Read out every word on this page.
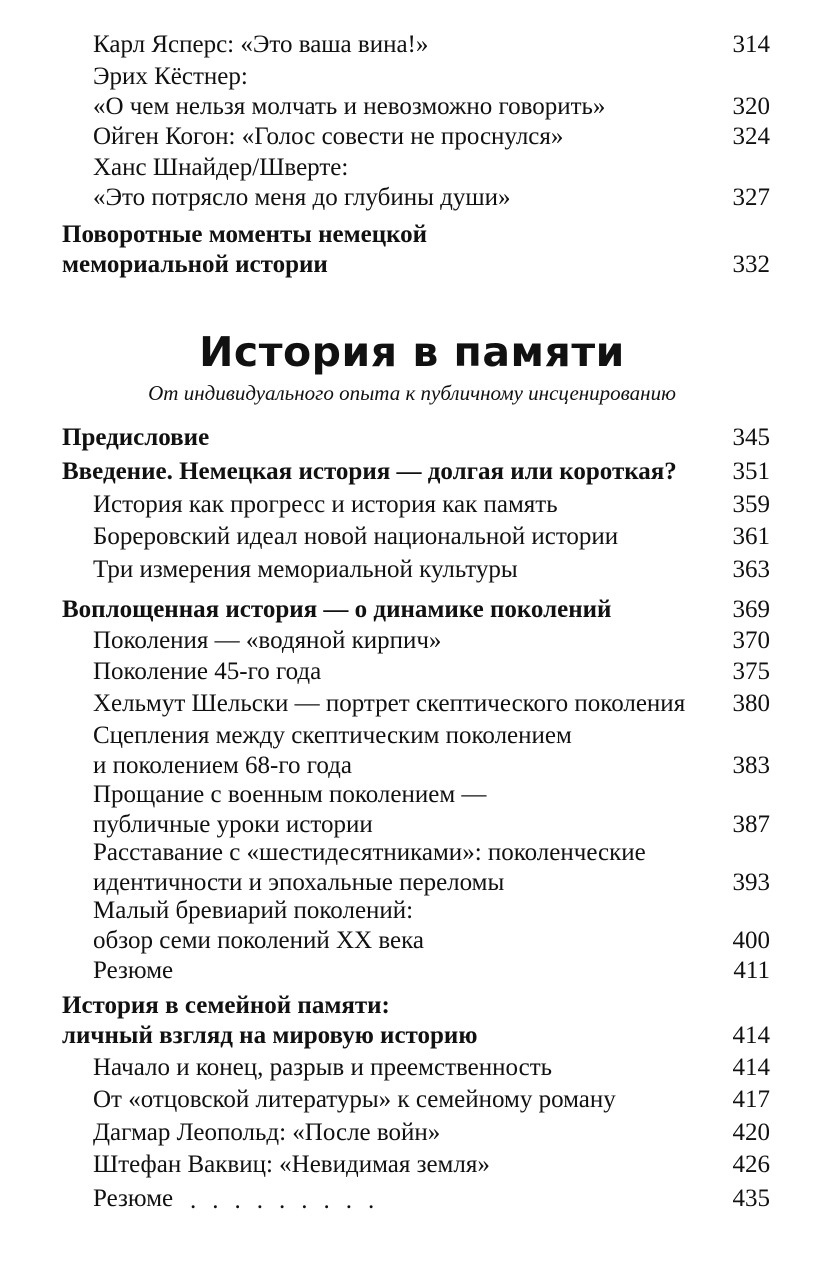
Карл Ясперс: «Это ваша вина!»	314
Эрих Кёстнер:
«О чем нельзя молчать и невозможно говорить»	320
Ойген Когон: «Голос совести не проснулся»	324
Ханс Шнайдер/Шверте:
«Это потрясло меня до глубины души»	327
Поворотные моменты немецкой
мемориальной истории	332
История в памяти
От индивидуального опыта к публичному инсценированию
Предисловие	345
Введение. Немецкая история — долгая или короткая?	351
История как прогресс и история как память	359
Бореровский идеал новой национальной истории	361
Три измерения мемориальной культуры	363
Воплощенная история — о динамике поколений	369
Поколения — «водяной кирпич»	370
Поколение 45-го года	375
Хельмут Шельски — портрет скептического поколения	380
Сцепления между скептическим поколением
и поколением 68-го года	383
Прощание с военным поколением —
публичные уроки истории	387
Расставание с «шестидесятниками»: поколенческие
идентичности и эпохальные переломы	393
Малый бревиарий поколений:
обзор семи поколений XX века	400
Резюме	411
История в семейной памяти:
личный взгляд на мировую историю	414
Начало и конец, разрыв и преемственность	414
От «отцовской литературы» к семейному роману	417
Дагмар Леопольд: «После войн»	420
Штефан Ваквиц: «Невидимая земля»	426
Резюме	435
.........
